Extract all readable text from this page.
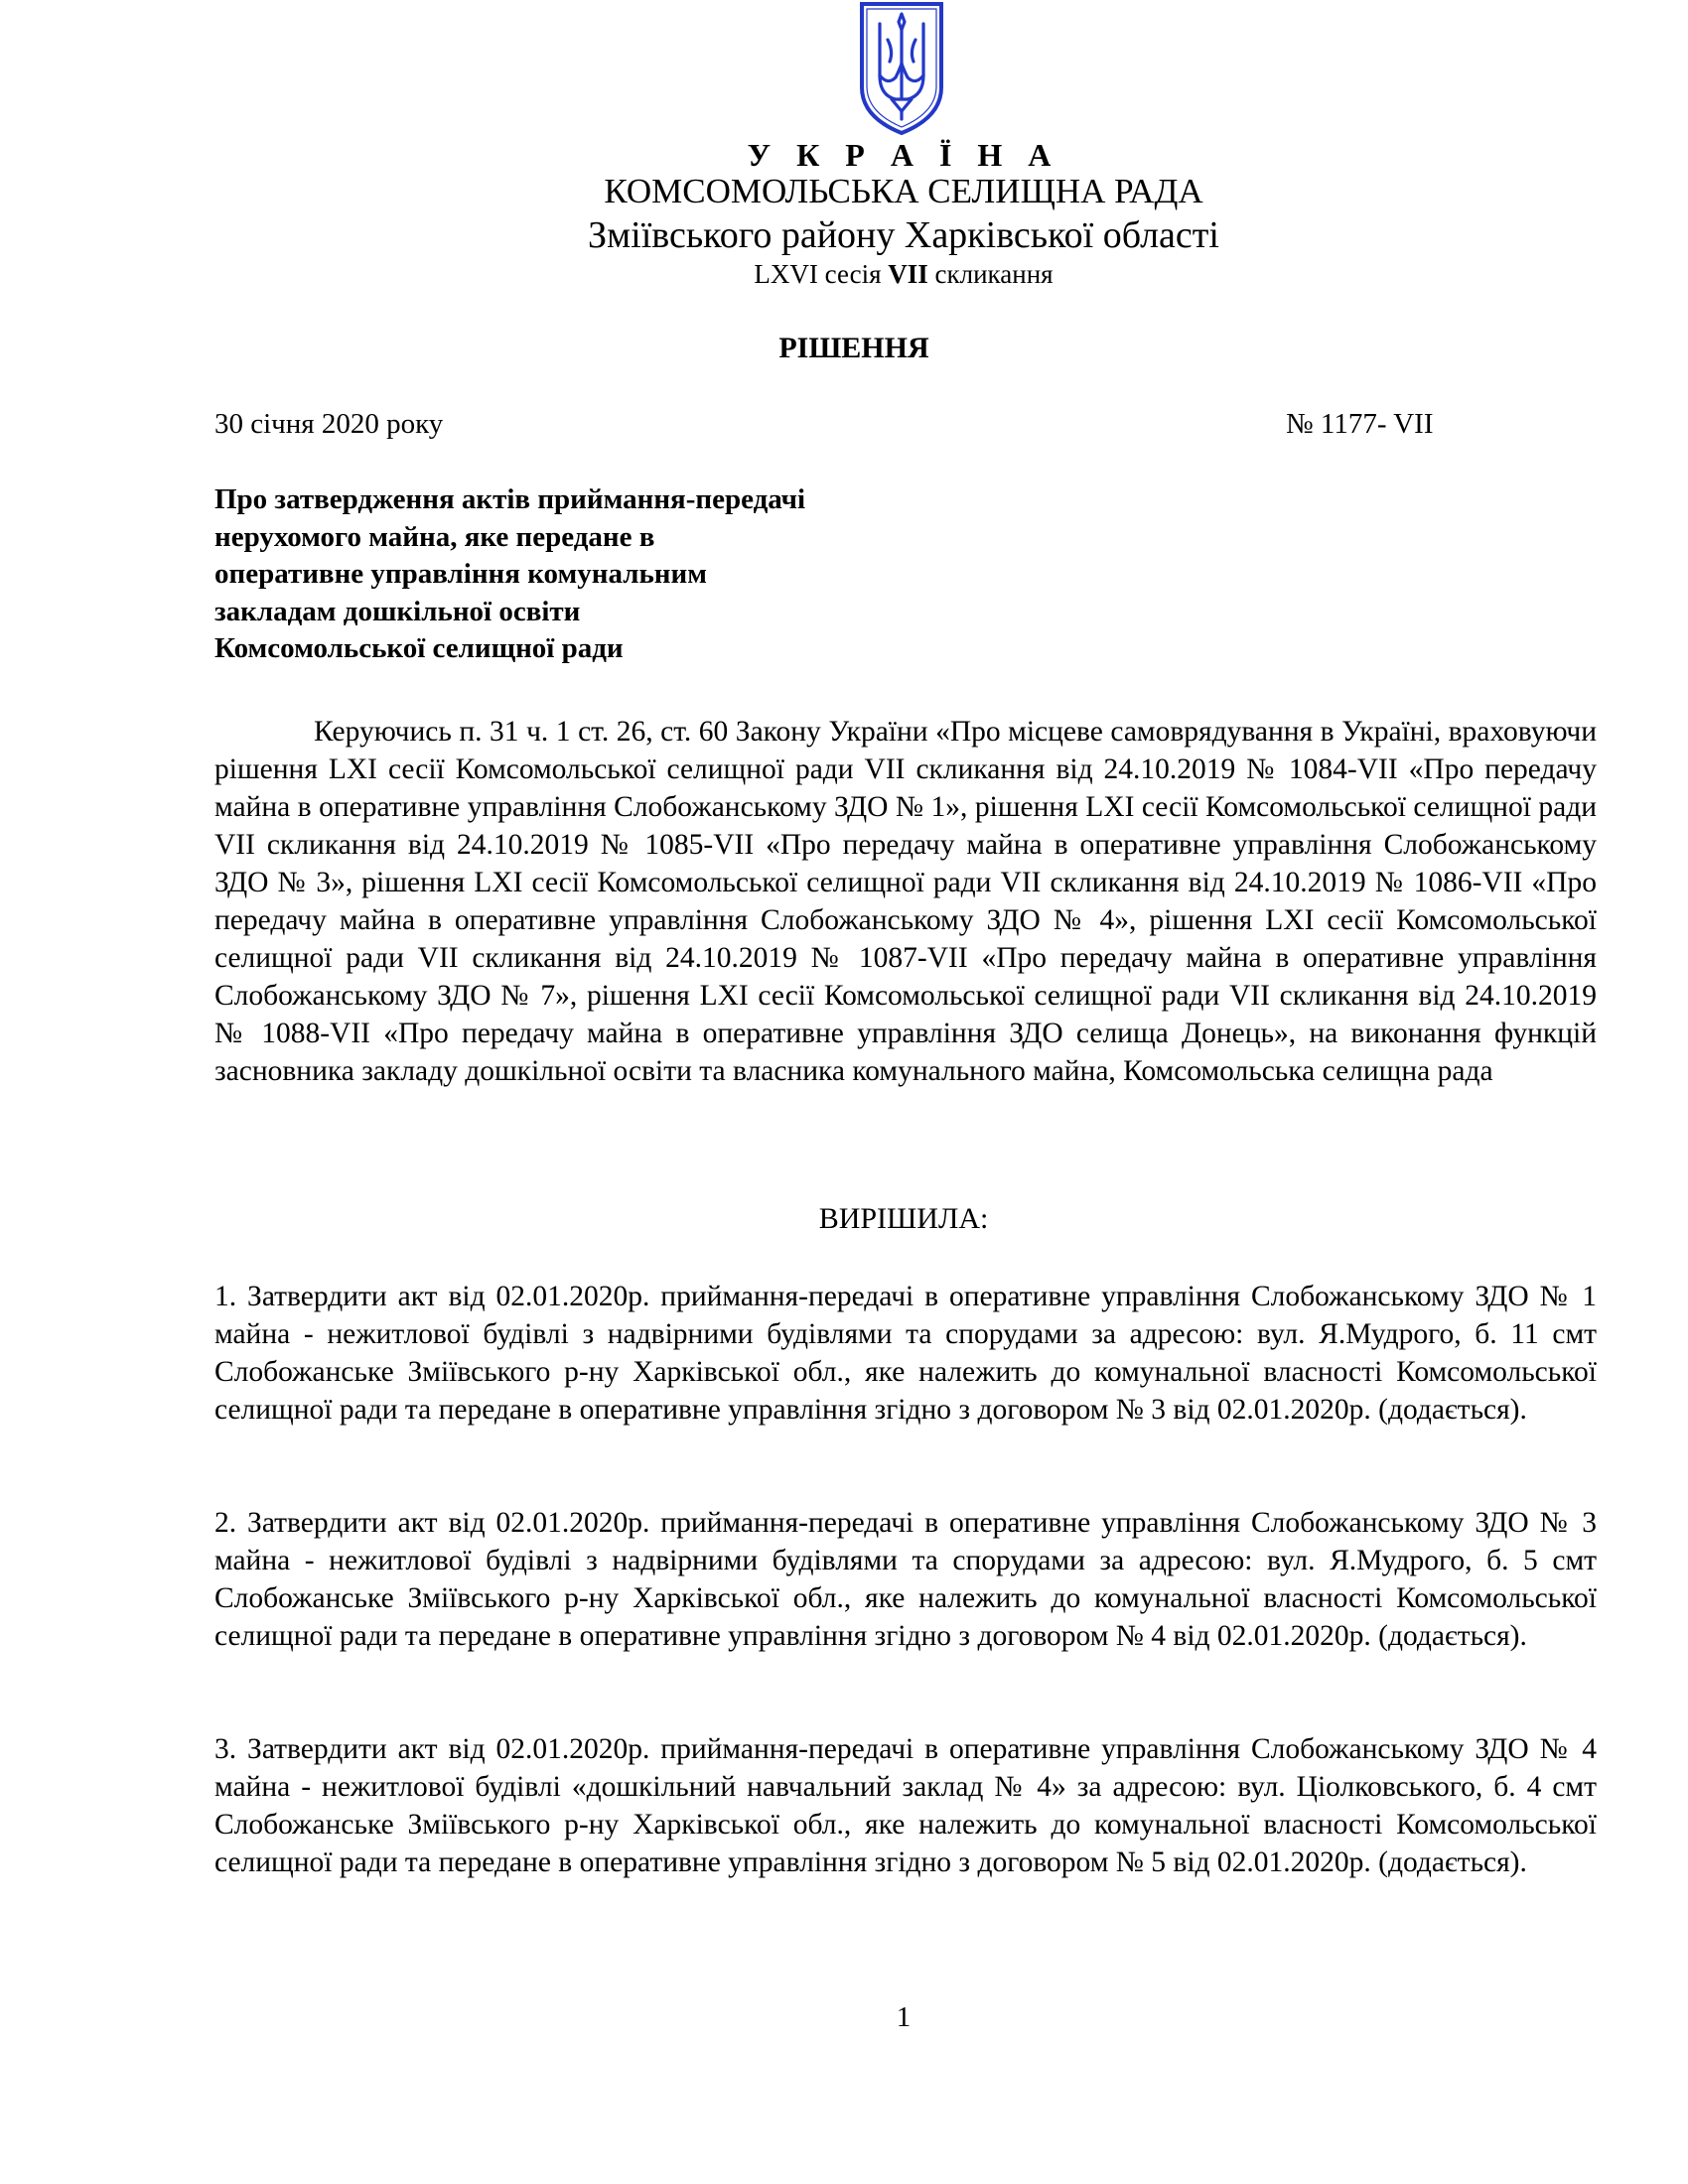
У К Р А Ї Н А
КОМСОМОЛЬСЬКА СЕЛИЩНА РАДА
Зміївського району Харківської області
LXVI сесія VII скликання
РІШЕННЯ
30 січня 2020 року	№ 1177- VII
Про затвердження актів приймання-передачі
нерухомого майна, яке передане в
оперативне управління комунальним
закладам дошкільної освіти
Комсомольської селищної ради
Керуючись п. 31 ч. 1 ст. 26, ст. 60 Закону України «Про місцеве самоврядування в Україні, враховуючи рішення LXI сесії Комсомольської селищної ради VII скликання від 24.10.2019 № 1084-VII «Про передачу майна в оперативне управління Слобожанському ЗДО № 1», рішення LXI сесії Комсомольської селищної ради VII скликання від 24.10.2019 № 1085-VII «Про передачу майна в оперативне управління Слобожанському ЗДО № 3», рішення LXI сесії Комсомольської селищної ради VII скликання від 24.10.2019 № 1086-VII «Про передачу майна в оперативне управління Слобожанському ЗДО № 4», рішення LXI сесії Комсомольської селищної ради VII скликання від 24.10.2019 № 1087-VII «Про передачу майна в оперативне управління Слобожанському ЗДО № 7», рішення LXI сесії Комсомольської селищної ради VII скликання від 24.10.2019 № 1088-VII «Про передачу майна в оперативне управління ЗДО селища Донець», на виконання функцій засновника закладу дошкільної освіти та власника комунального майна, Комсомольська селищна рада
ВИРІШИЛА:
1. Затвердити акт від 02.01.2020р. приймання-передачі в оперативне управління Слобожанському ЗДО № 1 майна - нежитлової будівлі з надвірними будівлями та спорудами за адресою: вул. Я.Мудрого, б. 11 смт Слобожанське Зміївського р-ну Харківської обл., яке належить до комунальної власності Комсомольської селищної ради та передане в оперативне управління згідно з договором № 3 від 02.01.2020р. (додається).
2. Затвердити акт від 02.01.2020р. приймання-передачі в оперативне управління Слобожанському ЗДО № 3 майна - нежитлової будівлі з надвірними будівлями та спорудами за адресою: вул. Я.Мудрого, б. 5 смт Слобожанське Зміївського р-ну Харківської обл., яке належить до комунальної власності Комсомольської селищної ради та передане в оперативне управління згідно з договором № 4 від 02.01.2020р. (додається).
3. Затвердити акт від 02.01.2020р. приймання-передачі в оперативне управління Слобожанському ЗДО № 4 майна - нежитлової будівлі «дошкільний навчальний заклад № 4» за адресою: вул. Ціолковського, б. 4 смт Слобожанське Зміївського р-ну Харківської обл., яке належить до комунальної власності Комсомольської селищної ради та передане в оперативне управління згідно з договором № 5 від 02.01.2020р. (додається).
1
